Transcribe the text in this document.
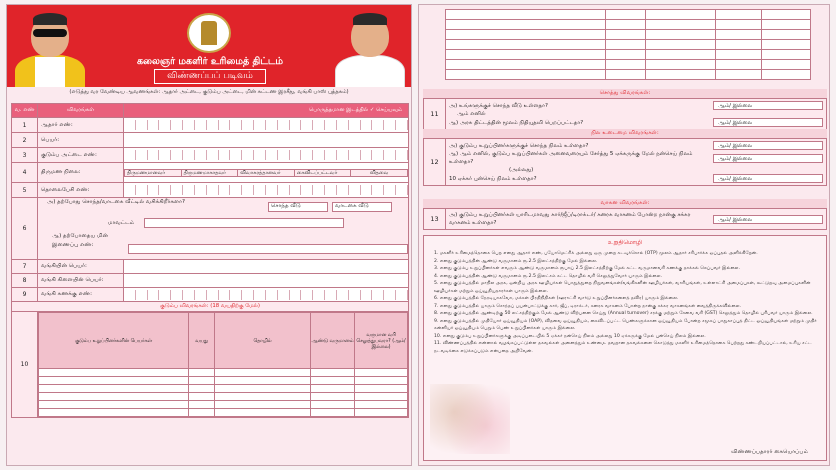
கலைஞர் மகளிர் உரிமைத் திட்டம்
விண்ணப்பப் படிவம்
(எடுத்து வர வேண்டிய ஆவணங்கள்: ஆதார் அட்டை, குடும்ப அட்டை, மின் கட்டண இரசீது, வங்கி பாஸ் புத்தகம்)
வ. எண்	விவரங்கள்	பொருத்தமான இடத்தில் ✓ செய்யவும்
1	ஆதார் எண்:	

2	பெயர்:	
3	குடும்ப அட்டை எண்:	

4	திருமண நிலை:		திருமணமானவர்	திருமணமாகாதவர்	விவாகரத்தானவர்	கைவிடப்பட்டவர்	விதவை

5	தொலைபேசி எண்:	

6	
அ) தற்போது சொந்த/வாடகை வீட்டில் வசிக்கிறீர்களா?
சொந்த வீடு	வாடகை வீடு
மாவட்டம்
ஆ) தற்போதைய மின் இணைப்பு எண்:

7	வங்கியின் பெயர்:	
8	வங்கி கிளையின் பெயர்:	
9	வங்கி கணக்கு எண்:	

குடும்ப விவரங்கள்: (18 வயதிற்கு மேல்)
10	
குடும்ப உறுப்பினர்களின் பெயர்கள்	வயது	தொழில்	ஆண்டு வருமானம்	வருமான வரி செலுத்துபவரா? (ஆம்/ இல்லை)

சொத்து விவரங்கள்:
11
அ) உங்களுக்குச் சொந்த வீடு உள்ளதா?	ஆம்/ இல்லை
ஆம் எனில்
ஆ) அரசு திட்டத்தின் மூலம் நிதியுதவி பெறப்பட்டதா?	ஆம்/ இல்லை
நில உடைமை விவரங்கள்:
12
அ) குடும்ப உறுப்பினர்களுக்குச் சொந்த நிலம் உள்ளதா?	ஆம்/ இல்லை
ஆ) ஆம் எனில், குடும்ப உறுப்பினர்கள் அனைவரையும் சேர்த்து 5 ஏக்கருக்கு மேல் நன்செய் நிலம் உள்ளதா?
ஆம்/ இல்லை
(அல்லது)
10 ஏக்கர் புன்செய் நிலம் உள்ளதா?	ஆம்/ இல்லை
வாகன விவரங்கள்:
13	அ) குடும்ப உறுப்பினர்கள் யாரிடமாவது கார்/ஜீப்/டிராக்டர்/ கனரக வாகனம் போன்ற நான்கு சக்கர வாகனம் உள்ளதா?
ஆம்/ இல்லை
உறுதிமொழி
1. மகளிர் உரிமைத்தொகை பெற எனது ஆதார் எண், பயோமெட்ரிக் அல்லது ஒரு முறை கடவுச்சொல் (OTP) மூலம் ஆதார் சரிபார்க்க ஒப்புதல் அளிக்கிறேன்.
2. எனது குடும்பத்தின் ஆண்டு வருமானம் ரூ.2.5 இலட்சத்திற்கு மேல் இல்லை.
3. எனது குடும்ப உறுப்பினர்கள் எவரும் ஆண்டு வருமானம் ரூபாய் 2.5 இலட்சத்திற்கு மேல் கட்ட வருமானவரி கணக்கு தாக்கல் செய்பவர் இல்லை.
4. எனது குடும்பத்தின் ஆண்டு வருமானம் ரூ.2.5 இலட்சம் கட்ட தொழில் வரி செலுத்துவோர் யாரும் இல்லை.
5. எனது குடும்பத்தில் மாநில அரசு, ஒன்றிய அரசு ஊழியர்கள் பொதுத்துறை நிறுவனங்கள்/வங்கிகளின் ஊழியர்கள், வாரியங்கள், உள்ளாட்சி அமைப்புகள், கூட்டுறவு அமைப்புகளின் ஊழியர்கள் மற்றும் ஓய்வூதியதாரர்கள் யாரும் இல்லை.
6. எனது குடும்பத்தில் நேரடியாகவோ, மக்கள் பிரதிநிதிகள் (ஊராட்சி வார்டு உறுப்பினர்களைத் தவிர) யாரும் இல்லை.
7. எனது குடும்பத்தில் யாரும் சொந்தப் பயன்பாட்டுக்கு கார், ஜீப், டிராக்டர், கனரக வாகனம் போன்ற நான்கு சக்கர வாகனங்கள் வைத்திருக்கவில்லை.
8. எனது குடும்பத்தில் ஆண்டிற்கு 50 லட்சத்திற்கும் மேல் ஆண்டு விற்பனை செய்து (Annual turnover) சரக்கு மற்றும் சேவை வரி (GST) செலுத்தும் தொழில் புரிபவர் யாரும் இல்லை.
9. எனது குடும்பத்தில் முதியோர் ஓய்வூதியம் (OAP), விதவை ஓய்வூதியம், கைவிடப்பட்ட பெண்களுக்கான ஓய்வூதியம் போன்ற சமூகப் பாதுகாப்புத் திட்ட ஓய்வூதியங்கள் மற்றும் முதிர் கன்னியர் ஓய்வூதியம் பெறும் பெண் உறுப்பினர்கள் யாரும் இல்லை.
10. எனது குடும்ப உறுப்பினர்களுக்கு அடிப்படையில் 5 ஏக்கர் நன்செய் நிலம் அல்லது 10 ஏக்கருக்கு மேல் புன்செய் நிலம் இல்லை.
11. விண்ணப்பத்தில் என்னால் வழங்கப்பட்டுள்ள தகவல்கள் அனைத்தும் உண்மை. தவறான தகவல்களை கொடுத்து மகளிர் உரிமைத்தொகை பெற்றது கண்டறியப்பட்டால், உரிய சட்ட நடவடிக்கை எடுக்கப்படும் என்பதை அறிவேன்.
விண்ணப்பதாரர் கையொப்பம்
